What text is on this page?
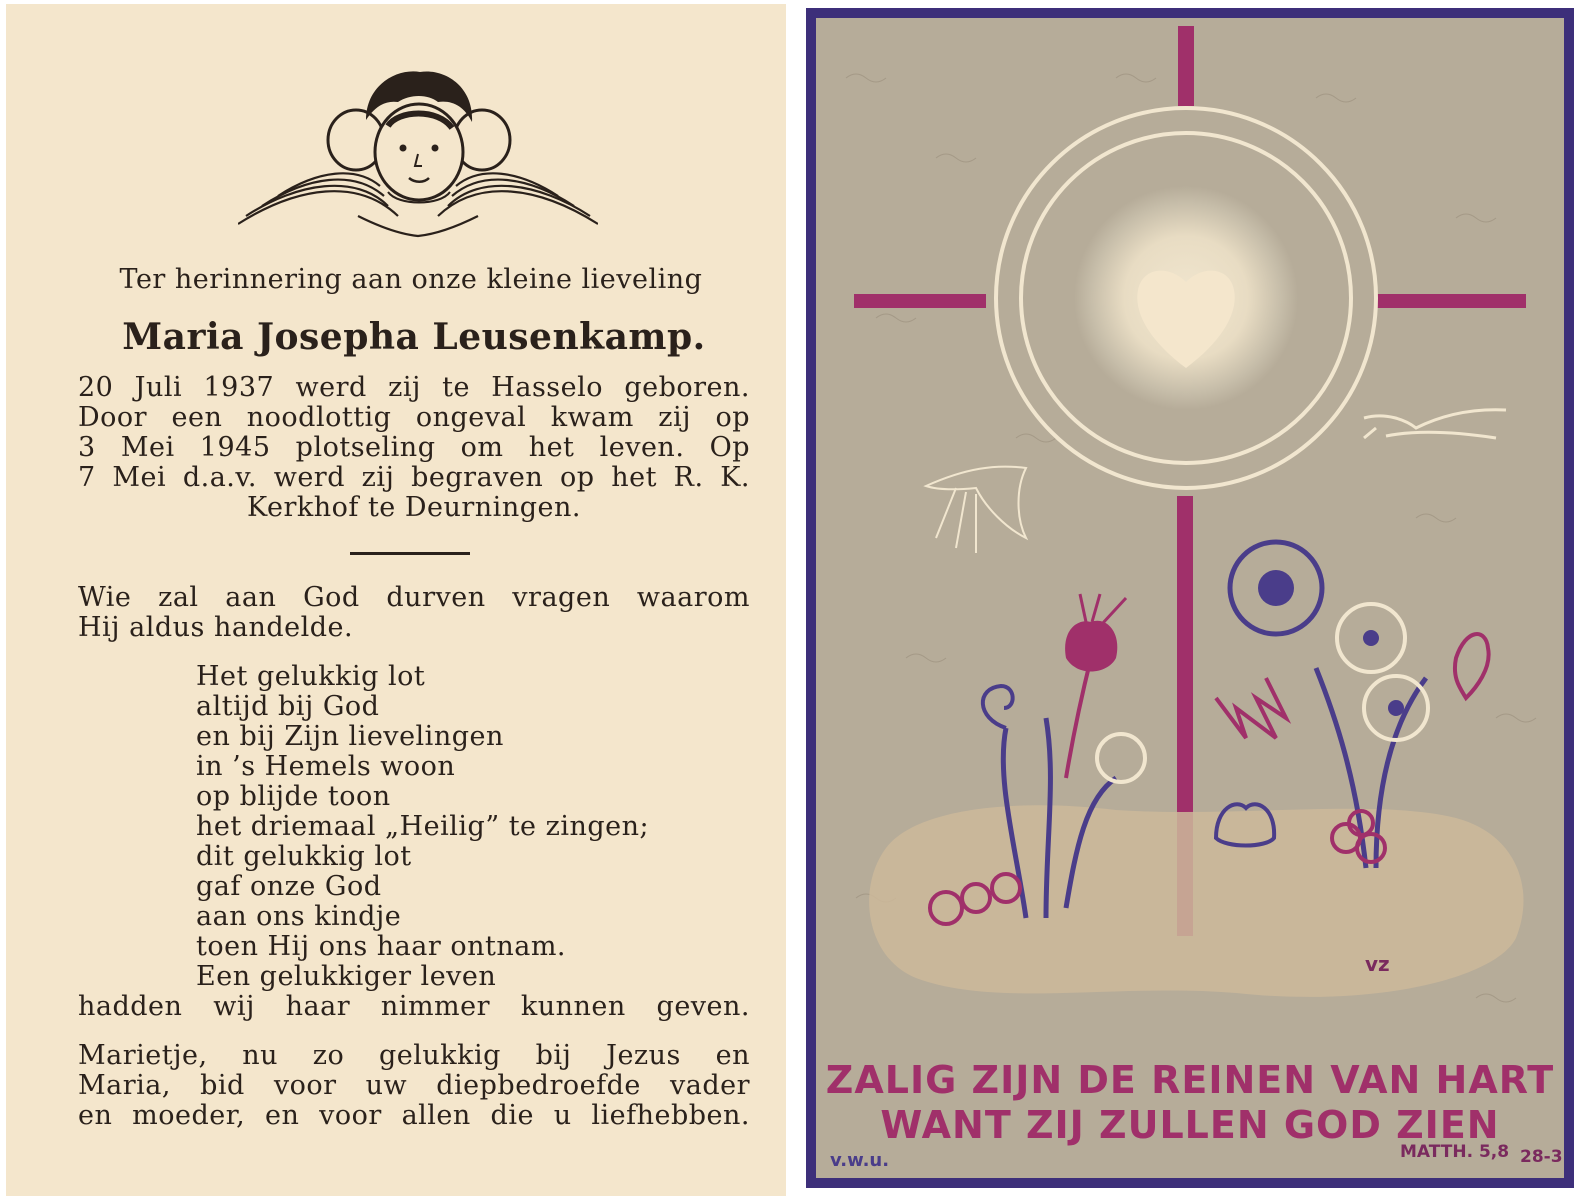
Ter herinnering aan onze kleine lieveling
Maria Josepha Leusenkamp.
20 Juli 1937 werd zij te Hasselo geboren.
Door een noodlottig ongeval kwam zij op
3 Mei 1945 plotseling om het leven. Op
7 Mei d.a.v. werd zij begraven op het R. K.
Kerkhof te Deurningen.
Wie zal aan God durven vragen waarom
Hij aldus handelde.
Het gelukkig lot
altijd bij God
en bij Zijn lievelingen
in ’s Hemels woon
op blijde toon
het driemaal „Heilig” te zingen;
dit gelukkig lot
gaf onze God
aan ons kindje
toen Hij ons haar ontnam.
Een gelukkiger leven
hadden wij haar nimmer kunnen geven.
Marietje, nu zo gelukkig bij Jezus en
Maria, bid voor uw diepbedroefde vader
en moeder, en voor allen die u liefhebben.
vz
ZALIG ZIJN DE REINEN VAN HART
WANT ZIJ ZULLEN GOD ZIEN
v.w.u.	MATTH. 5,8 28-3
